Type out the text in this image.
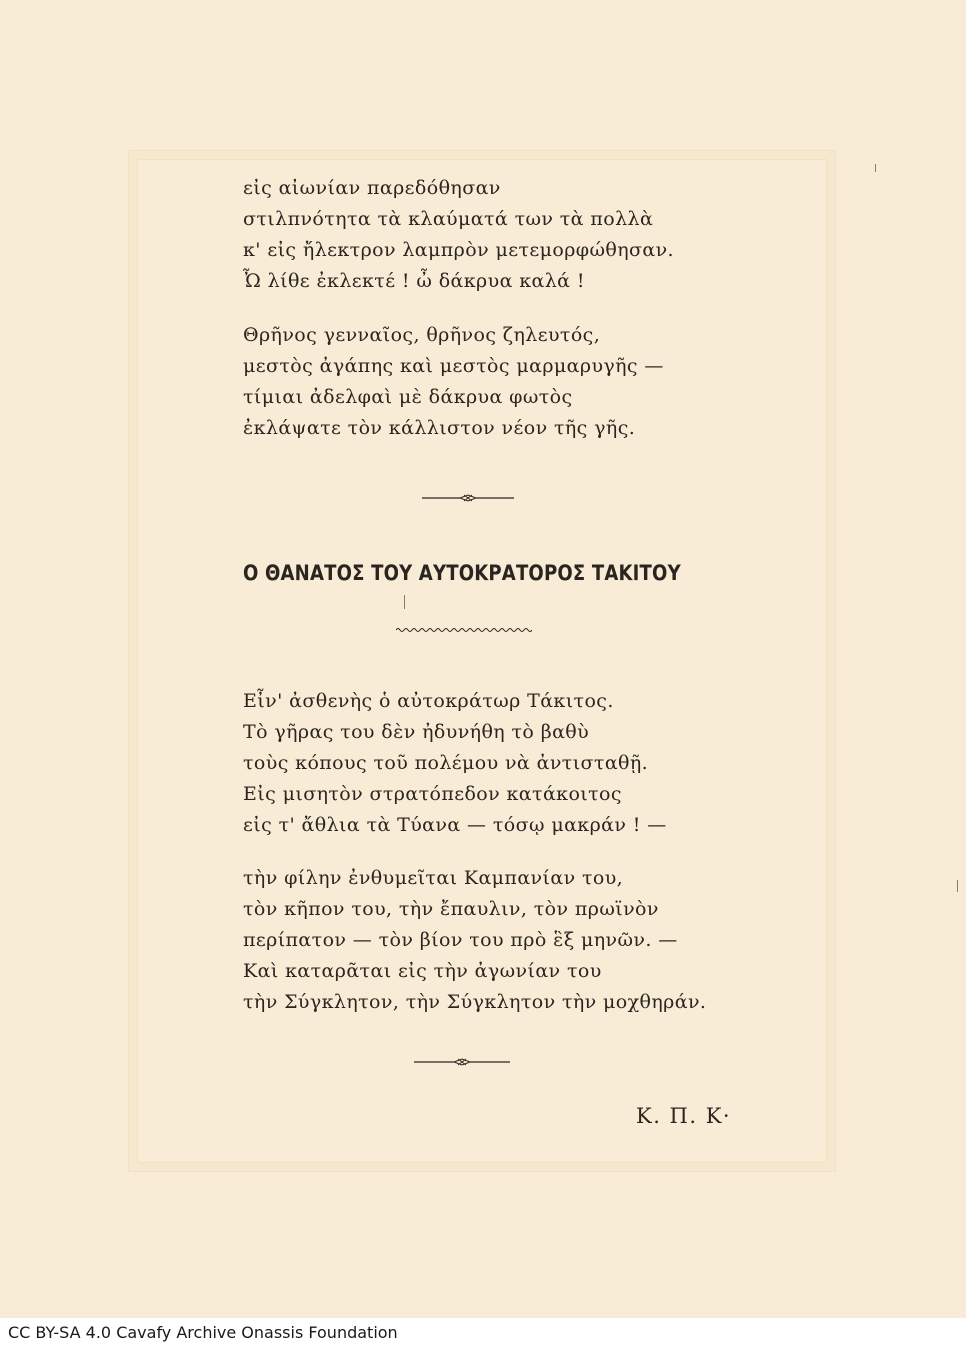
εἰς αἰωνίαν παρεδόθησαν
στιλπνότητα τὰ κλαύματά των τὰ πολλὰ
κ' εἰς ἤλεκτρον λαμπρὸν μετεμορφώθησαν.
Ὦ λίθε ἐκλεκτέ ! ὦ δάκρυα καλά !
Θρῆνος γενναῖος, θρῆνος ζηλευτός,
μεστὸς ἀγάπης καὶ μεστὸς μαρμαρυγῆς —
τίμιαι ἀδελφαὶ μὲ δάκρυα φωτὸς
ἐκλάψατε τὸν κάλλιστον νέον τῆς γῆς.
Ο ΘΑΝΑΤΟΣ ΤΟΥ ΑΥΤΟΚΡΑΤΟΡΟΣ ΤΑΚΙΤΟΥ
Εἶν' ἀσθενὴς ὁ αὐτοκράτωρ Τάκιτος.
Τὸ γῆρας του δὲν ἠδυνήθη τὸ βαθὺ
τοὺς κόπους τοῦ πολέμου νὰ ἀντισταθῇ.
Εἰς μισητὸν στρατόπεδον κατάκοιτος
εἰς τ' ἄθλια τὰ Τύανα — τόσῳ μακράν ! —
τὴν φίλην ἐνθυμεῖται Καμπανίαν του,
τὸν κῆπον του, τὴν ἔπαυλιν, τὸν πρωϊνὸν
περίπατον — τὸν βίον του πρὸ ἓξ μηνῶν. —
Καὶ καταρᾶται εἰς τὴν ἀγωνίαν του
τὴν Σύγκλητον, τὴν Σύγκλητον τὴν μοχθηράν.
Κ. Π. Κ·
CC BY-SA 4.0 Cavafy Archive Onassis Foundation
